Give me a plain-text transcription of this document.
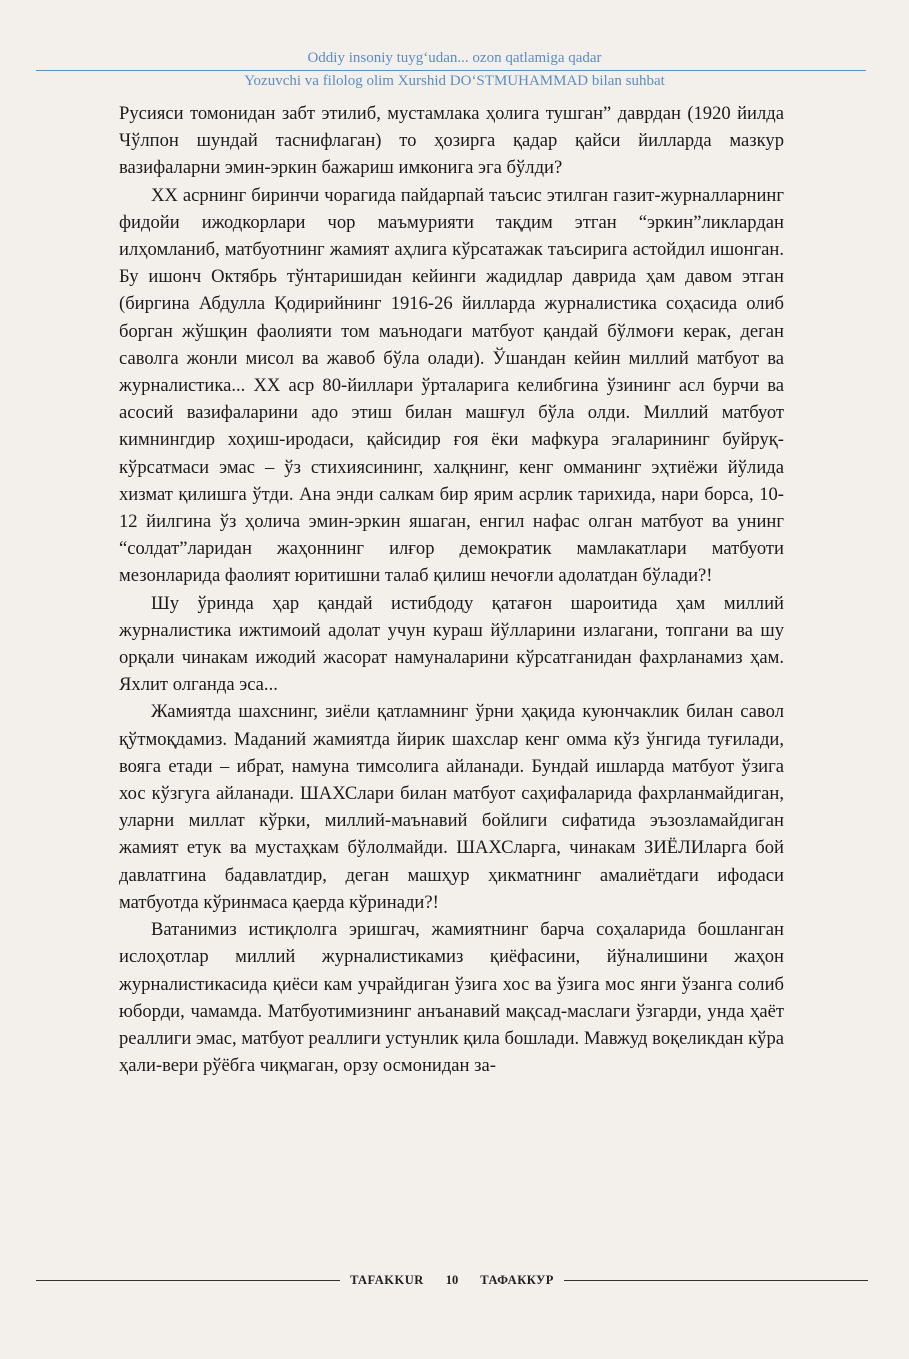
Oddiy insoniy tuyg‘udan... ozon qatlamiga qadar
Yozuvchi va filolog olim Xurshid DO‘STMUHAMMAD bilan suhbat

Русияси томонидан забт этилиб, мустамлака ҳолига тушган” даврдан (1920 йилда Чўлпон шундай таснифлаган) то ҳозирга қадар қайси йилларда мазкур вазифаларни эмин-эркин бажариш имконига эга бўлди?

XX асрнинг биринчи чорагида пайдарпай таъсис этилган газит-журналларнинг фидойи ижодкорлари чор маъмурияти тақдим этган “эркин”ликлардан илҳомланиб, матбуотнинг жамият аҳлига кўрсатажак таъсирига астойдил ишонган. Бу ишонч Октябрь тўнтаришидан кейинги жадидлар даврида ҳам давом этган (биргина Абдулла Қодирийнинг 1916-26 йилларда журналистика соҳасида олиб борган жўшқин фаолияти том маънодаги матбуот қандай бўлмоғи керак, деган саволга жонли мисол ва жавоб бўла олади). Ўшандан кейин миллий матбуот ва журналистика... XX аср 80-йиллари ўрталарига келибгина ўзининг асл бурчи ва асосий вазифаларини адо этиш билан машғул бўла олди. Миллий матбуот кимнингдир хоҳиш-иродаси, қайсидир ғоя ёки мафкура эгаларининг буйруқ-кўрсатмаси эмас – ўз стихиясининг, халқнинг, кенг омманинг эҳтиёжи йўлида хизмат қилишга ўтди. Ана энди салкам бир ярим асрлик тарихида, нари борса, 10-12 йилгина ўз ҳолича эмин-эркин яшаган, енгил нафас олган матбуот ва унинг “солдат”ларидан жаҳоннинг илғор демократик мамлакатлари матбуоти мезонларида фаолият юритишни талаб қилиш нечоғли адолатдан бўлади?!

Шу ўринда ҳар қандай истибдоду қатағон шароитида ҳам миллий журналистика ижтимоий адолат учун кураш йўлларини излагани, топгани ва шу орқали чинакам ижодий жасорат намуналарини кўрсатганидан фахрланамиз ҳам. Яхлит олганда эса...

Жамиятда шахснинг, зиёли қатламнинг ўрни ҳақида куюнчаклик билан савол қўтмоқдамиз. Маданий жамиятда йирик шахслар кенг омма кўз ўнгида туғилади, вояга етади – ибрат, намуна тимсолига айланади. Бундай ишларда матбуот ўзига хос кўзгуга айланади. ШАХСлари билан матбуот саҳифаларида фахрланмайдиган, уларни миллат кўрки, миллий-маънавий бойлиги сифатида эъзозламайдиган жамият етук ва мустаҳкам бўлолмайди. ШАХСларга, чинакам ЗИЁЛИларга бой давлатгина бадавлатдир, деган машҳур ҳикматнинг амалиётдаги ифодаси матбуотда кўринмаса қаерда кўринади?!

Ватанимиз истиқлолга эришгач, жамиятнинг барча соҳаларида бошланган ислоҳотлар миллий журналистикамиз қиёфасини, йўналишини жаҳон журналистикасида қиёси кам учрайдиган ўзига хос ва ўзига мос янги ўзанга солиб юборди, чамамда. Матбуотимизнинг анъанавий мақсад-маслаги ўзгарди, унда ҳаёт реаллиги эмас, матбуот реаллиги устунлик қила бошлади. Мавжуд воқеликдан кўра ҳали-вери рўёбга чиқмаган, орзу осмонидан за-

TAFAKKUR	10	ТАФАККУР
